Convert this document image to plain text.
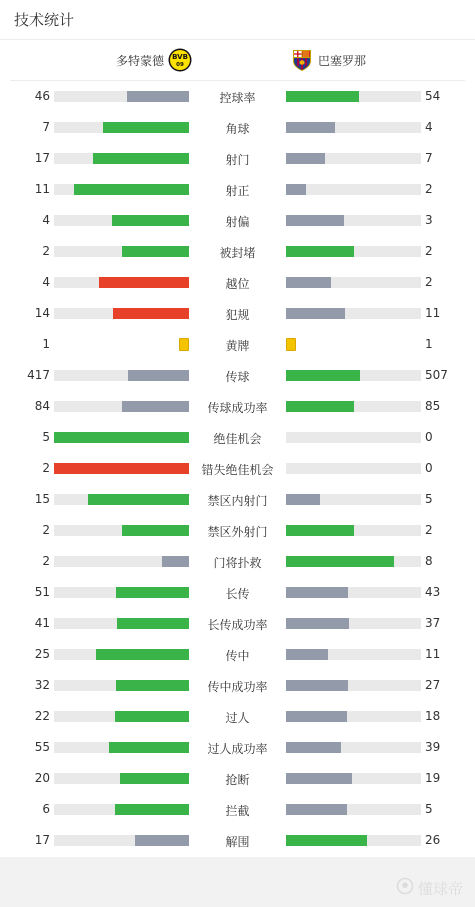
技术统计
多特蒙德 BVB
09	巴塞罗那
46	控球率	54
7	角球	4
17	射门	7
11	射正	2
4	射偏	3
2	被封堵	2
4	越位	2
14	犯规	11
1	黄牌	1
417	传球	507
84	传球成功率	85
5	绝佳机会	0
2	错失绝佳机会	0
15	禁区内射门	5
2	禁区外射门	2
2	门将扑救	8
51	长传	43
41	长传成功率	37
25	传中	11
32	传中成功率	27
22	过人	18
55	过人成功率	39
20	抢断	19
6	拦截	5
17	解围	26
懂球帝
